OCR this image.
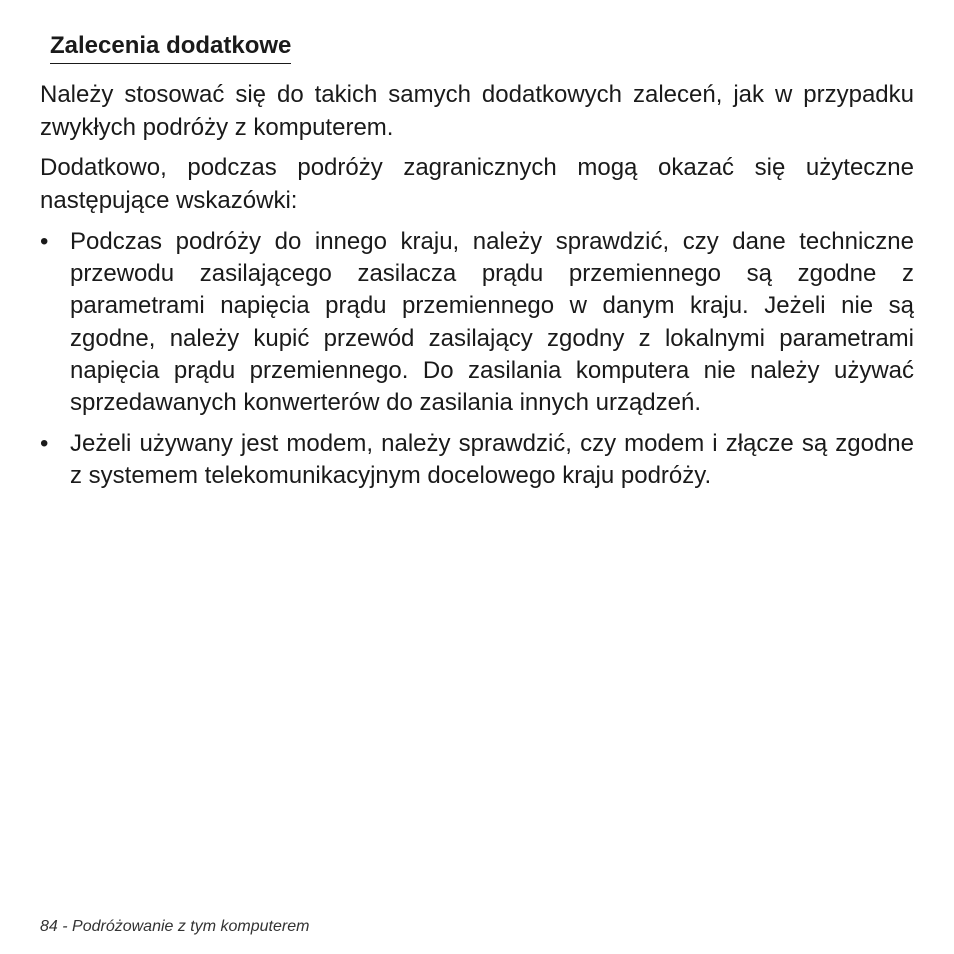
Zalecenia dodatkowe

Należy stosować się do takich samych dodatkowych zaleceń, jak w przypadku zwykłych podróży z komputerem.

Dodatkowo, podczas podróży zagranicznych mogą okazać się użyteczne następujące wskazówki:

• Podczas podróży do innego kraju, należy sprawdzić, czy dane techniczne przewodu zasilającego zasilacza prądu przemiennego są zgodne z parametrami napięcia prądu przemiennego w danym kraju. Jeżeli nie są zgodne, należy kupić przewód zasilający zgodny z lokalnymi parametrami napięcia prądu przemiennego. Do zasilania komputera nie należy używać sprzedawanych konwerterów do zasilania innych urządzeń.
• Jeżeli używany jest modem, należy sprawdzić, czy modem i złącze są zgodne z systemem telekomunikacyjnym docelowego kraju podróży.
84 - Podróżowanie z tym komputerem
